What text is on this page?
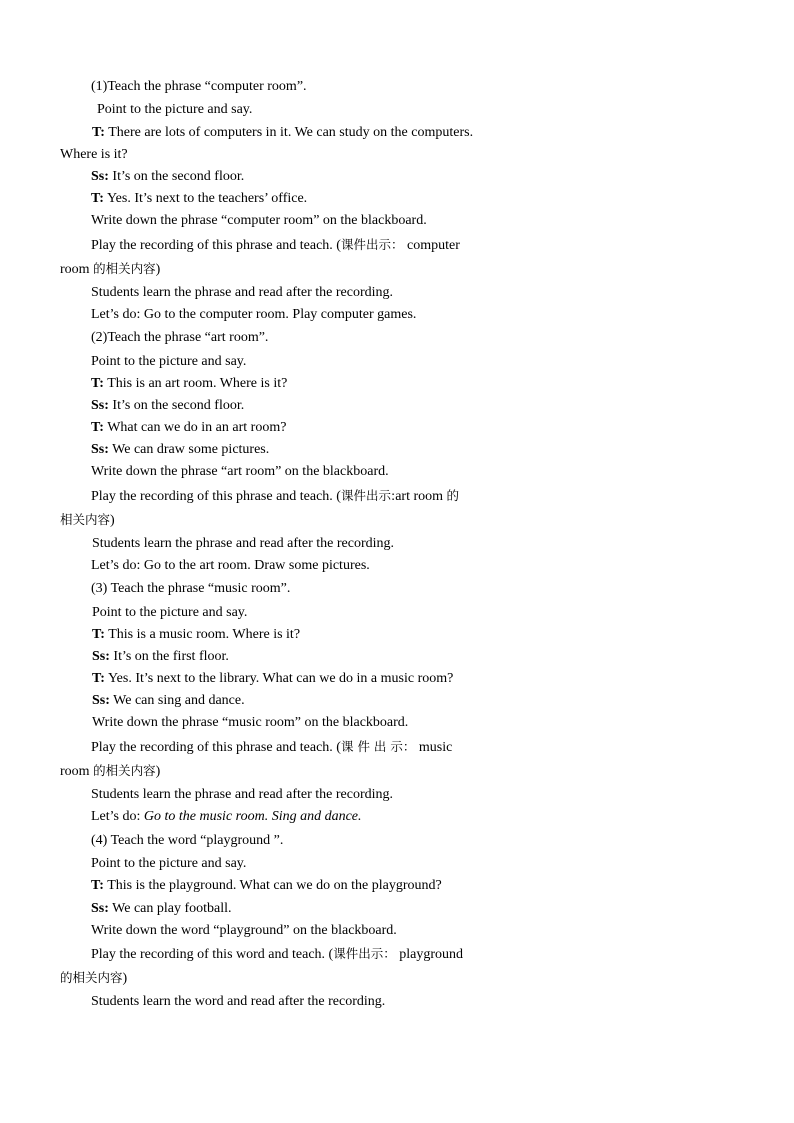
(1)Teach the phrase “computer room”.
Point to the picture and say.
T: There are lots of computers in it. We can study on the computers.
Where is it?
Ss: It’s on the second floor.
T: Yes. It’s next to the teachers’ office.
Write down the phrase “computer room” on the blackboard.
Play the recording of this phrase and teach. (课件出示： computer
room 的相关内容)
Students learn the phrase and read after the recording.
Let’s do: Go to the computer room. Play computer games.
(2)Teach the phrase “art room”.
Point to the picture and say.
T: This is an art room. Where is it?
Ss: It’s on the second floor.
T: What can we do in an art room?
Ss: We can draw some pictures.
Write down the phrase “art room” on the blackboard.
Play the recording of this phrase and teach. (课件出示:art room 的
相关内容)
Students learn the phrase and read after the recording.
Let’s do: Go to the art room. Draw some pictures.
(3) Teach the phrase “music room”.
Point to the picture and say.
T: This is a music room. Where is it?
Ss: It’s on the first floor.
T: Yes. It’s next to the library. What can we do in a music room?
Ss: We can sing and dance.
Write down the phrase “music room” on the blackboard.
Play the recording of this phrase and teach. (课 件 出 示： music
room 的相关内容)
Students learn the phrase and read after the recording.
Let’s do: Go to the music room. Sing and dance.
(4) Teach the word “playground ”.
Point to the picture and say.
T: This is the playground. What can we do on the playground?
Ss: We can play football.
Write down the word “playground” on the blackboard.
Play the recording of this word and teach. (课件出示： playground
的相关内容)
Students learn the word and read after the recording.
